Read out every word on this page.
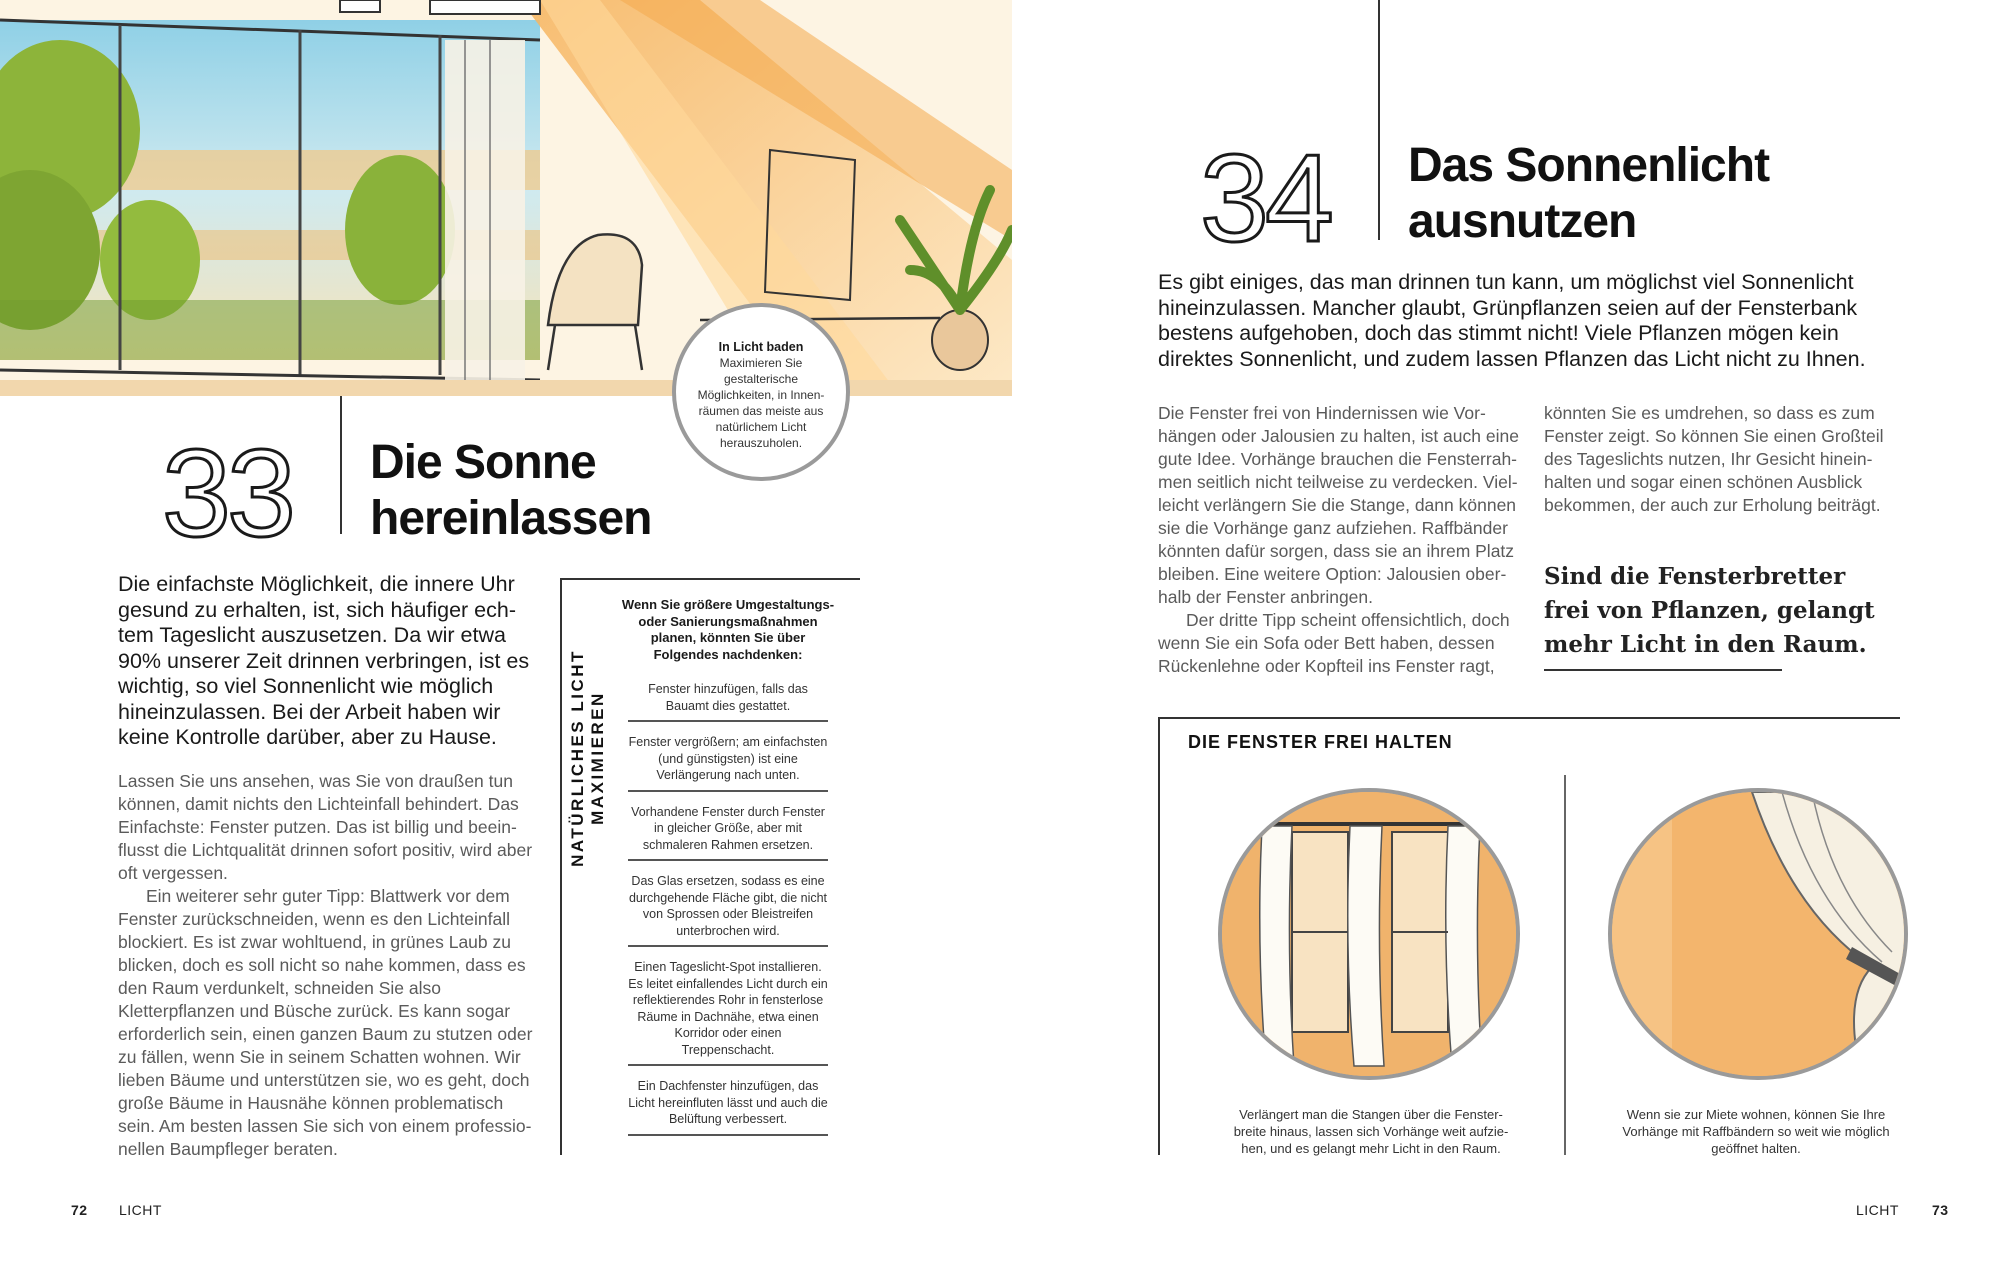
In Licht baden
Maximieren Sie gestalterische Möglichkeiten, in Innenräumen das meiste aus natürlichem Licht herauszuholen.
33 Die Sonne
hereinlassen
Die einfachste Möglichkeit, die innere Uhr gesund zu erhalten, ist, sich häufiger echtem Tageslicht auszusetzen. Da wir etwa 90% unserer Zeit drinnen verbringen, ist es wichtig, so viel Sonnenlicht wie möglich hineinzulassen. Bei der Arbeit haben wir keine Kontrolle darüber, aber zu Hause.

Lassen Sie uns ansehen, was Sie von draußen tun können, damit nichts den Lichteinfall behindert. Das Einfachste: Fenster putzen. Das ist billig und beeinflusst die Lichtqualität drinnen sofort positiv, wird aber oft vergessen.

Ein weiterer sehr guter Tipp: Blattwerk vor dem Fenster zurückschneiden, wenn es den Lichteinfall blockiert. Es ist zwar wohltuend, in grünes Laub zu blicken, doch es soll nicht so nahe kommen, dass es den Raum verdunkelt, schneiden Sie also Kletterpflanzen und Büsche zurück. Es kann sogar erforderlich sein, einen ganzen Baum zu stutzen oder zu fällen, wenn Sie in seinem Schatten wohnen. Wir lieben Bäume und unterstützen sie, wo es geht, doch große Bäume in Hausnähe können problematisch sein. Am besten lassen Sie sich von einem professionellen Baumpfleger beraten.

NATÜRLICHES LICHT MAXIMIEREN
Wenn Sie größere Umgestaltungs- oder Sanierungsmaßnahmen planen, könnten Sie über Folgendes nachdenken:
Fenster hinzufügen, falls das Bauamt dies gestattet.
Fenster vergrößern; am einfachsten (und günstigsten) ist eine Verlängerung nach unten.
Vorhandene Fenster durch Fenster in gleicher Größe, aber mit schmaleren Rahmen ersetzen.
Das Glas ersetzen, sodass es eine durchgehende Fläche gibt, die nicht von Sprossen oder Bleistreifen unterbrochen wird.
Einen Tageslicht-Spot installieren. Es leitet einfallendes Licht durch ein reflektierendes Rohr in fensterlose Räume in Dachnähe, etwa einen Korridor oder einen Treppenschacht.
Ein Dachfenster hinzufügen, das Licht hereinfluten lässt und auch die Belüftung verbessert.
72 LICHT
34 Das Sonnenlicht
ausnutzen
Es gibt einiges, das man drinnen tun kann, um möglichst viel Sonnenlicht hineinzulassen. Mancher glaubt, Grünpflanzen seien auf der Fensterbank bestens aufgehoben, doch das stimmt nicht! Viele Pflanzen mögen kein direktes Sonnenlicht, und zudem lassen Pflanzen das Licht nicht zu Ihnen.

Die Fenster frei von Hindernissen wie Vorhängen oder Jalousien zu halten, ist auch eine gute Idee. Vorhänge brauchen die Fensterrahmen seitlich nicht teilweise zu verdecken. Vielleicht verlängern Sie die Stange, dann können sie die Vorhänge ganz aufziehen. Raffbänder könnten dafür sorgen, dass sie an ihrem Platz bleiben. Eine weitere Option: Jalousien oberhalb der Fenster anbringen.

Der dritte Tipp scheint offensichtlich, doch wenn Sie ein Sofa oder Bett haben, dessen Rückenlehne oder Kopfteil ins Fenster ragt,

könnten Sie es umdrehen, so dass es zum Fenster zeigt. So können Sie einen Großteil des Tageslichts nutzen, Ihr Gesicht hineinhalten und sogar einen schönen Ausblick bekommen, der auch zur Erholung beiträgt.

Sind die Fensterbretter frei von Pflanzen, gelangt mehr Licht in den Raum.
DIE FENSTER FREI HALTEN
Verlängert man die Stangen über die Fensterbreite hinaus, lassen sich Vorhänge weit aufziehen, und es gelangt mehr Licht in den Raum.
Wenn sie zur Miete wohnen, können Sie Ihre Vorhänge mit Raffbändern so weit wie möglich geöffnet halten.
LICHT 73
